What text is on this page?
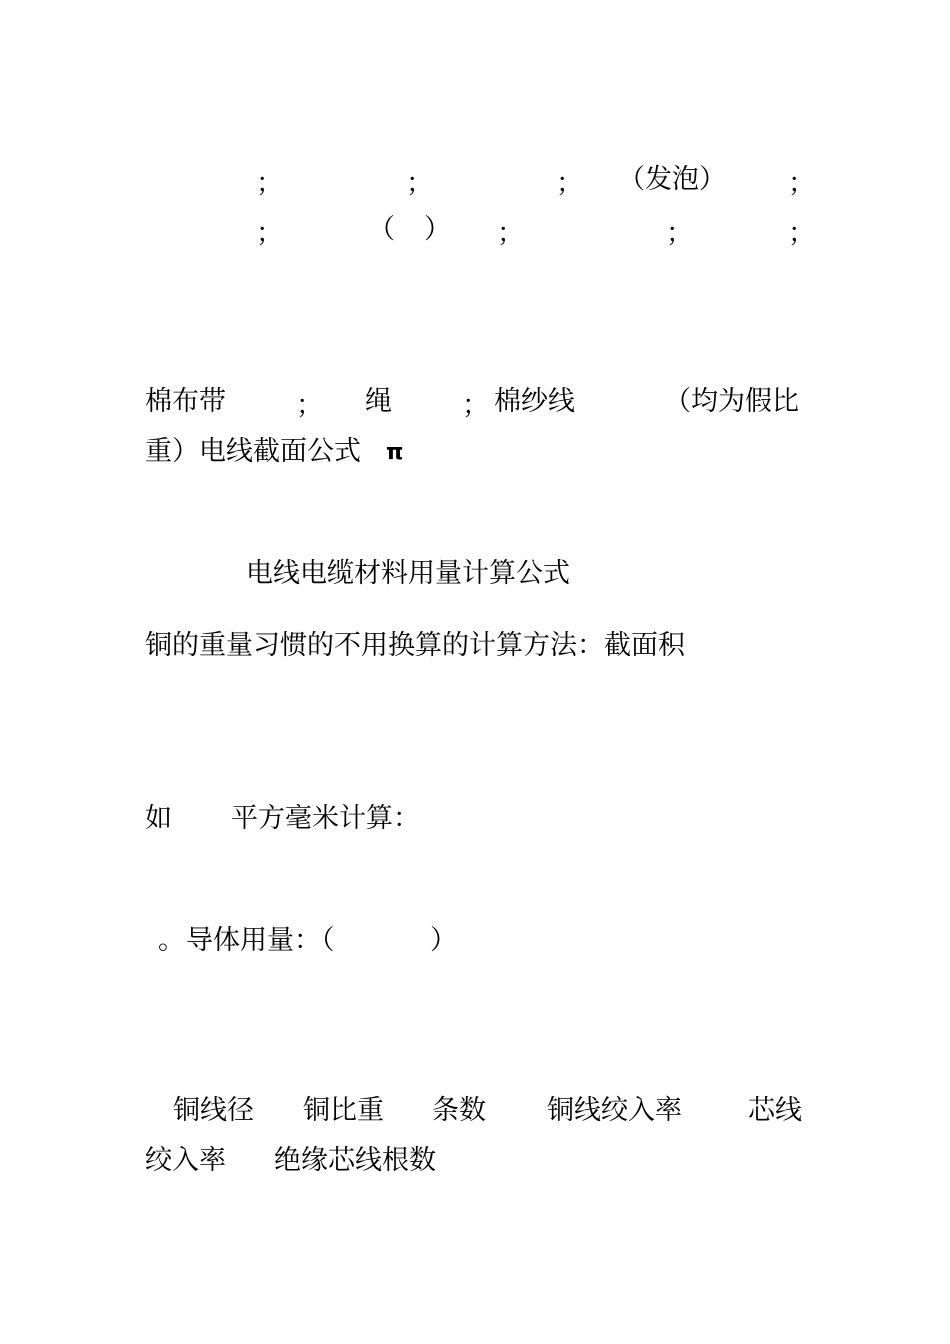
；	；	； （发泡） ；
；	（ ） ；	；	；
棉布带	； 绳	； 棉纱线	（均为假比
重）电线截面公式 π
电线电缆材料用量计算公式
铜的重量习惯的不用换算的计算方法：截面积
如 平方毫米计算：
。 导体用量：（	）
铜线径 铜比重 条数 铜线绞入率 芯线
绞入率 绝缘芯线根数
